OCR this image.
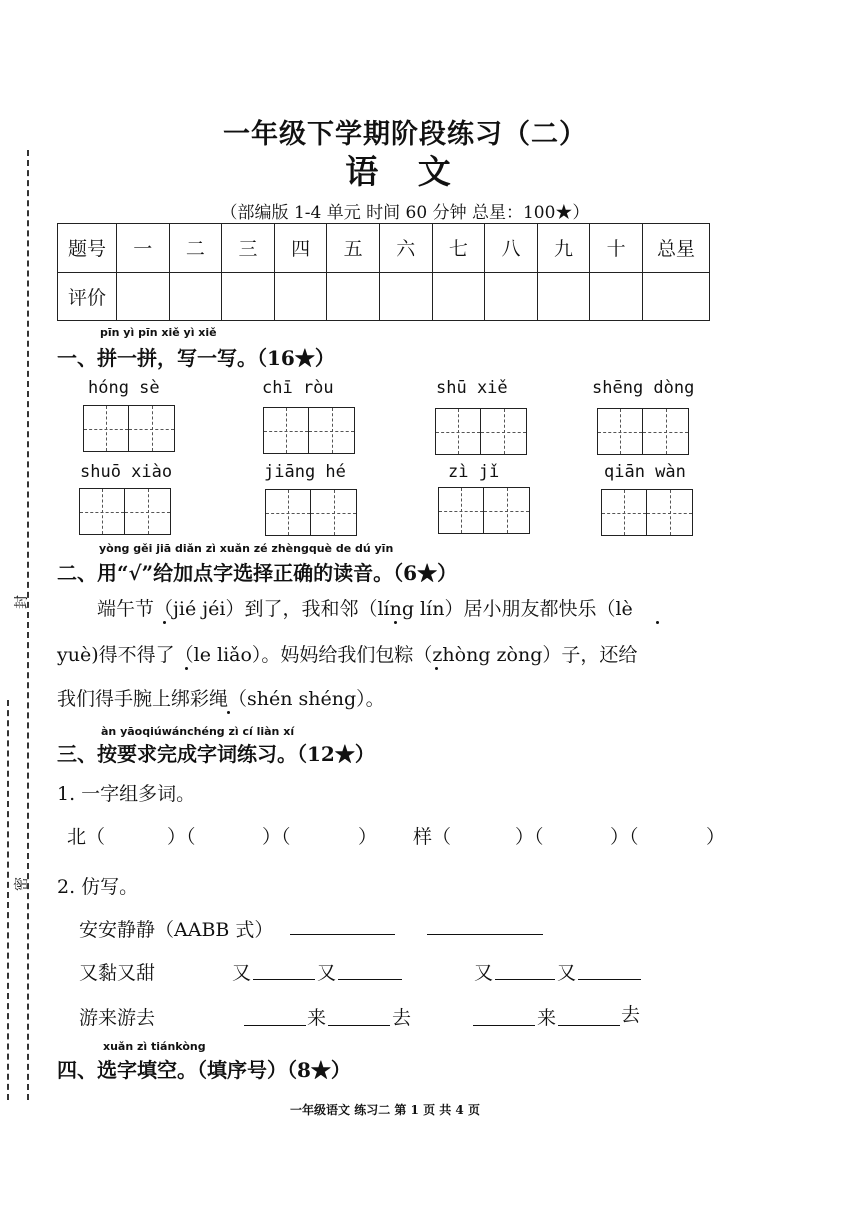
封
密
一年级下学期阶段练习（二）
语 文
（部编版 1-4 单元 时间 60 分钟 总星：100★）
题号	一	二	三	四	五	六	七	八	九	十	总星
评价											
pīn yì pīn xiě yì xiě
一、拼一拼，写一写。（16★）
hóng sè	chī ròu	shū xiě	shēng dòng
shuō xiào	jiāng hé	zì jǐ	qiān wàn
yòng gěi jiā diǎn zì xuǎn zé zhèngquè de dú yīn
二、用“√”给加点字选择正确的读音。（6★）
端午节（jié jéi）到了，我和邻（líng lín）居小朋友都快乐（lè
yuè)得不得了（le liǎo）。妈妈给我们包粽（zhòng zòng）子，还给
我们得手腕上绑彩绳（shén shéng）。
àn yāoqiúwánchéng zì cí liàn xí
三、按要求完成字词练习。（12★）
1. 一字组多词。
北（	）（	）（	） 样（	）（	）（	）
2. 仿写。
安安静静（AABB 式）
又黏又甜	又	又	又	又
游来游去	来	去	来	去
xuǎn zì tiánkòng
四、选字填空。（填序号）（8★）
一年级语文 练习二 第 1 页 共 4 页
